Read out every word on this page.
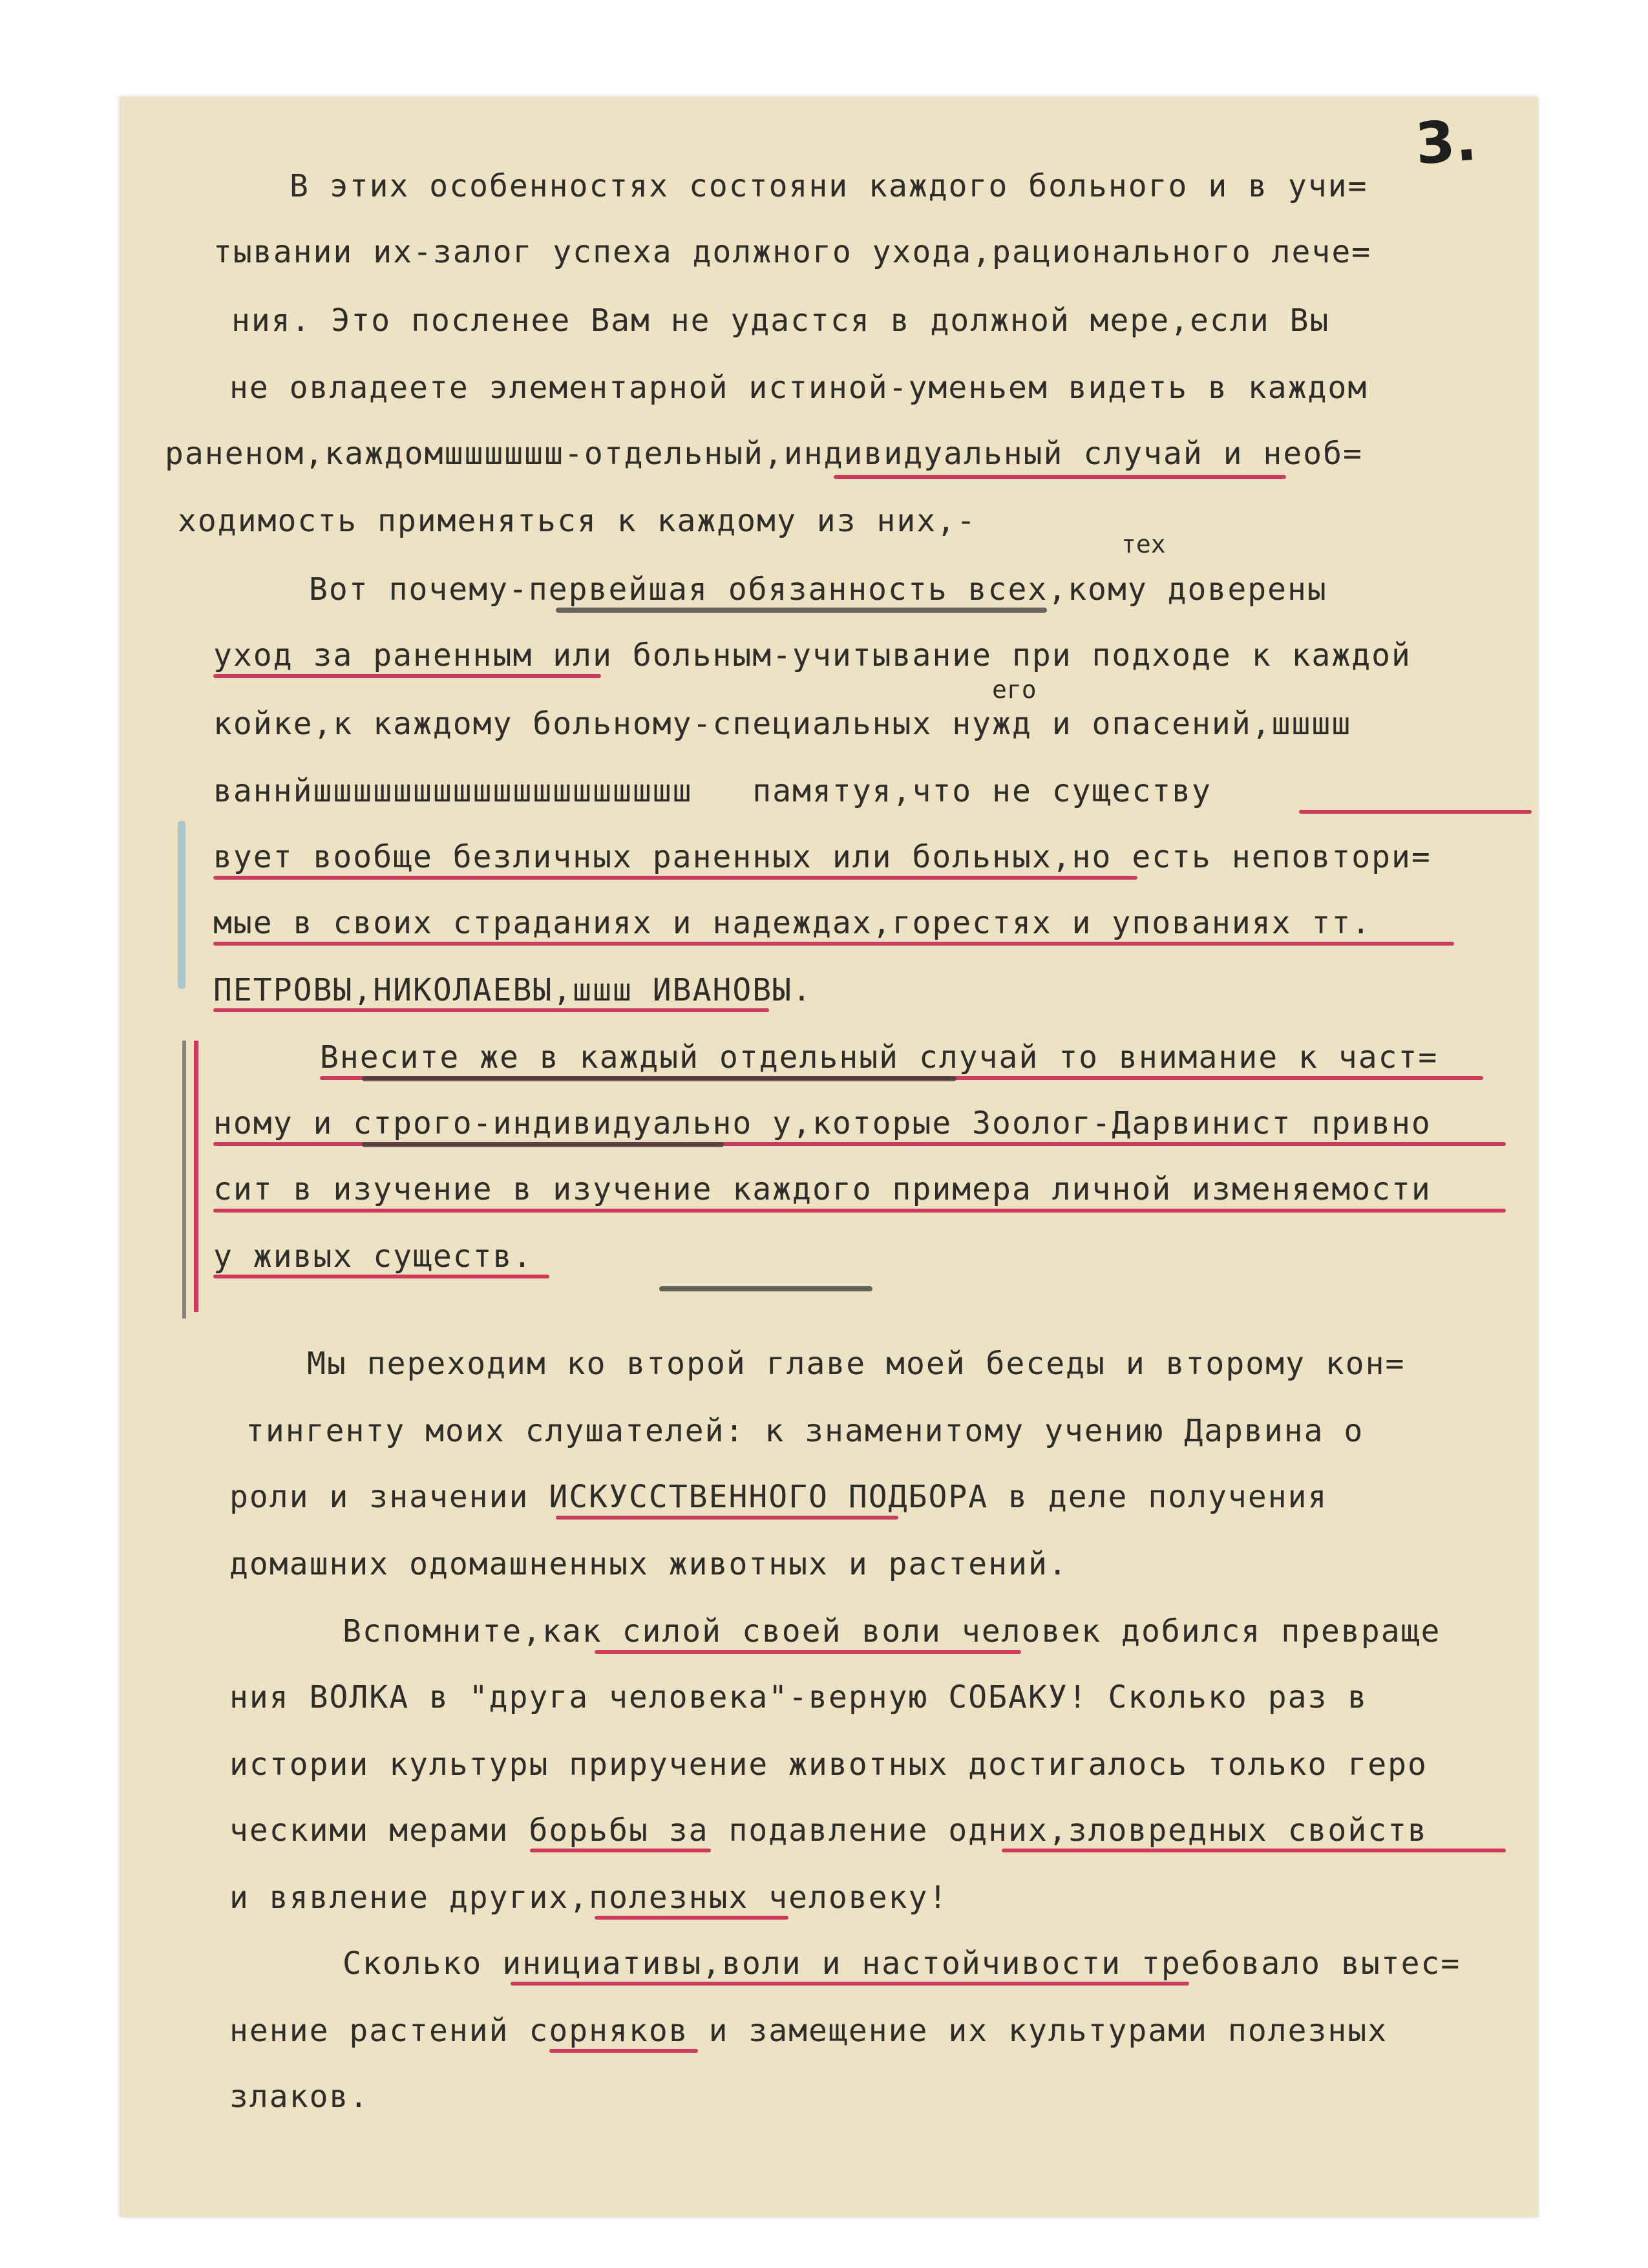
3.
тех
его
В этих особенностях состояни каждого больного и в учи=
тывании их-залог успеха должного ухода,рационального лече=
ния. Это посленее Вам не удастся в должной мере,если Вы
не овладеете элементарной истиной-уменьем видеть в каждом
раненом,каждомшшшшшш-отдельный,индивидуальный случай и необ=
ходимость применяться к каждому из них,-
Вот почему-первейшая обязанность всех,кому доверены
уход за раненным или больным-учитывание при подходе к каждой
койке,к каждому больному-специальных нужд и опасений,шшшш
вaннйшшшшшшшшшшшшшшшшшшш   памятуя,что не существу
вует вообще безличных раненных или больных,но есть неповтори=
мые в своих страданиях и надеждах,горестях и упованиях тт.
ПЕТРОВЫ,НИКОЛАЕВЫ,шшш ИВАНОВЫ.
Внесите же в каждый отдельный случай то внимание к част=
ному и строго-индивидуально у,которые Зоолог-Дарвинист привно
сит в изучение в изучение каждого примера личной изменяемости
у живых существ.
Мы переходим ко второй главе моей беседы и второму кон=
тингенту моих слушателей: к знаменитому учению Дарвина о
роли и значении ИСКУССТВЕННОГО ПОДБОРА в деле получения
домашних одомашненных животных и растений.
Вспомните,как силой своей воли человек добился превраще
ния ВОЛКА в "друга человека"-верную СОБАКУ! Сколько раз в
истории культуры приручение животных достигалось только геро
ческими мерами борьбы за подавление одних,зловредных свойств
и вявление других,полезных человеку!
Сколько инициативы,воли и настойчивости требовало вытес=
нение растений сорняков и замещение их культурами полезных
злаков.
